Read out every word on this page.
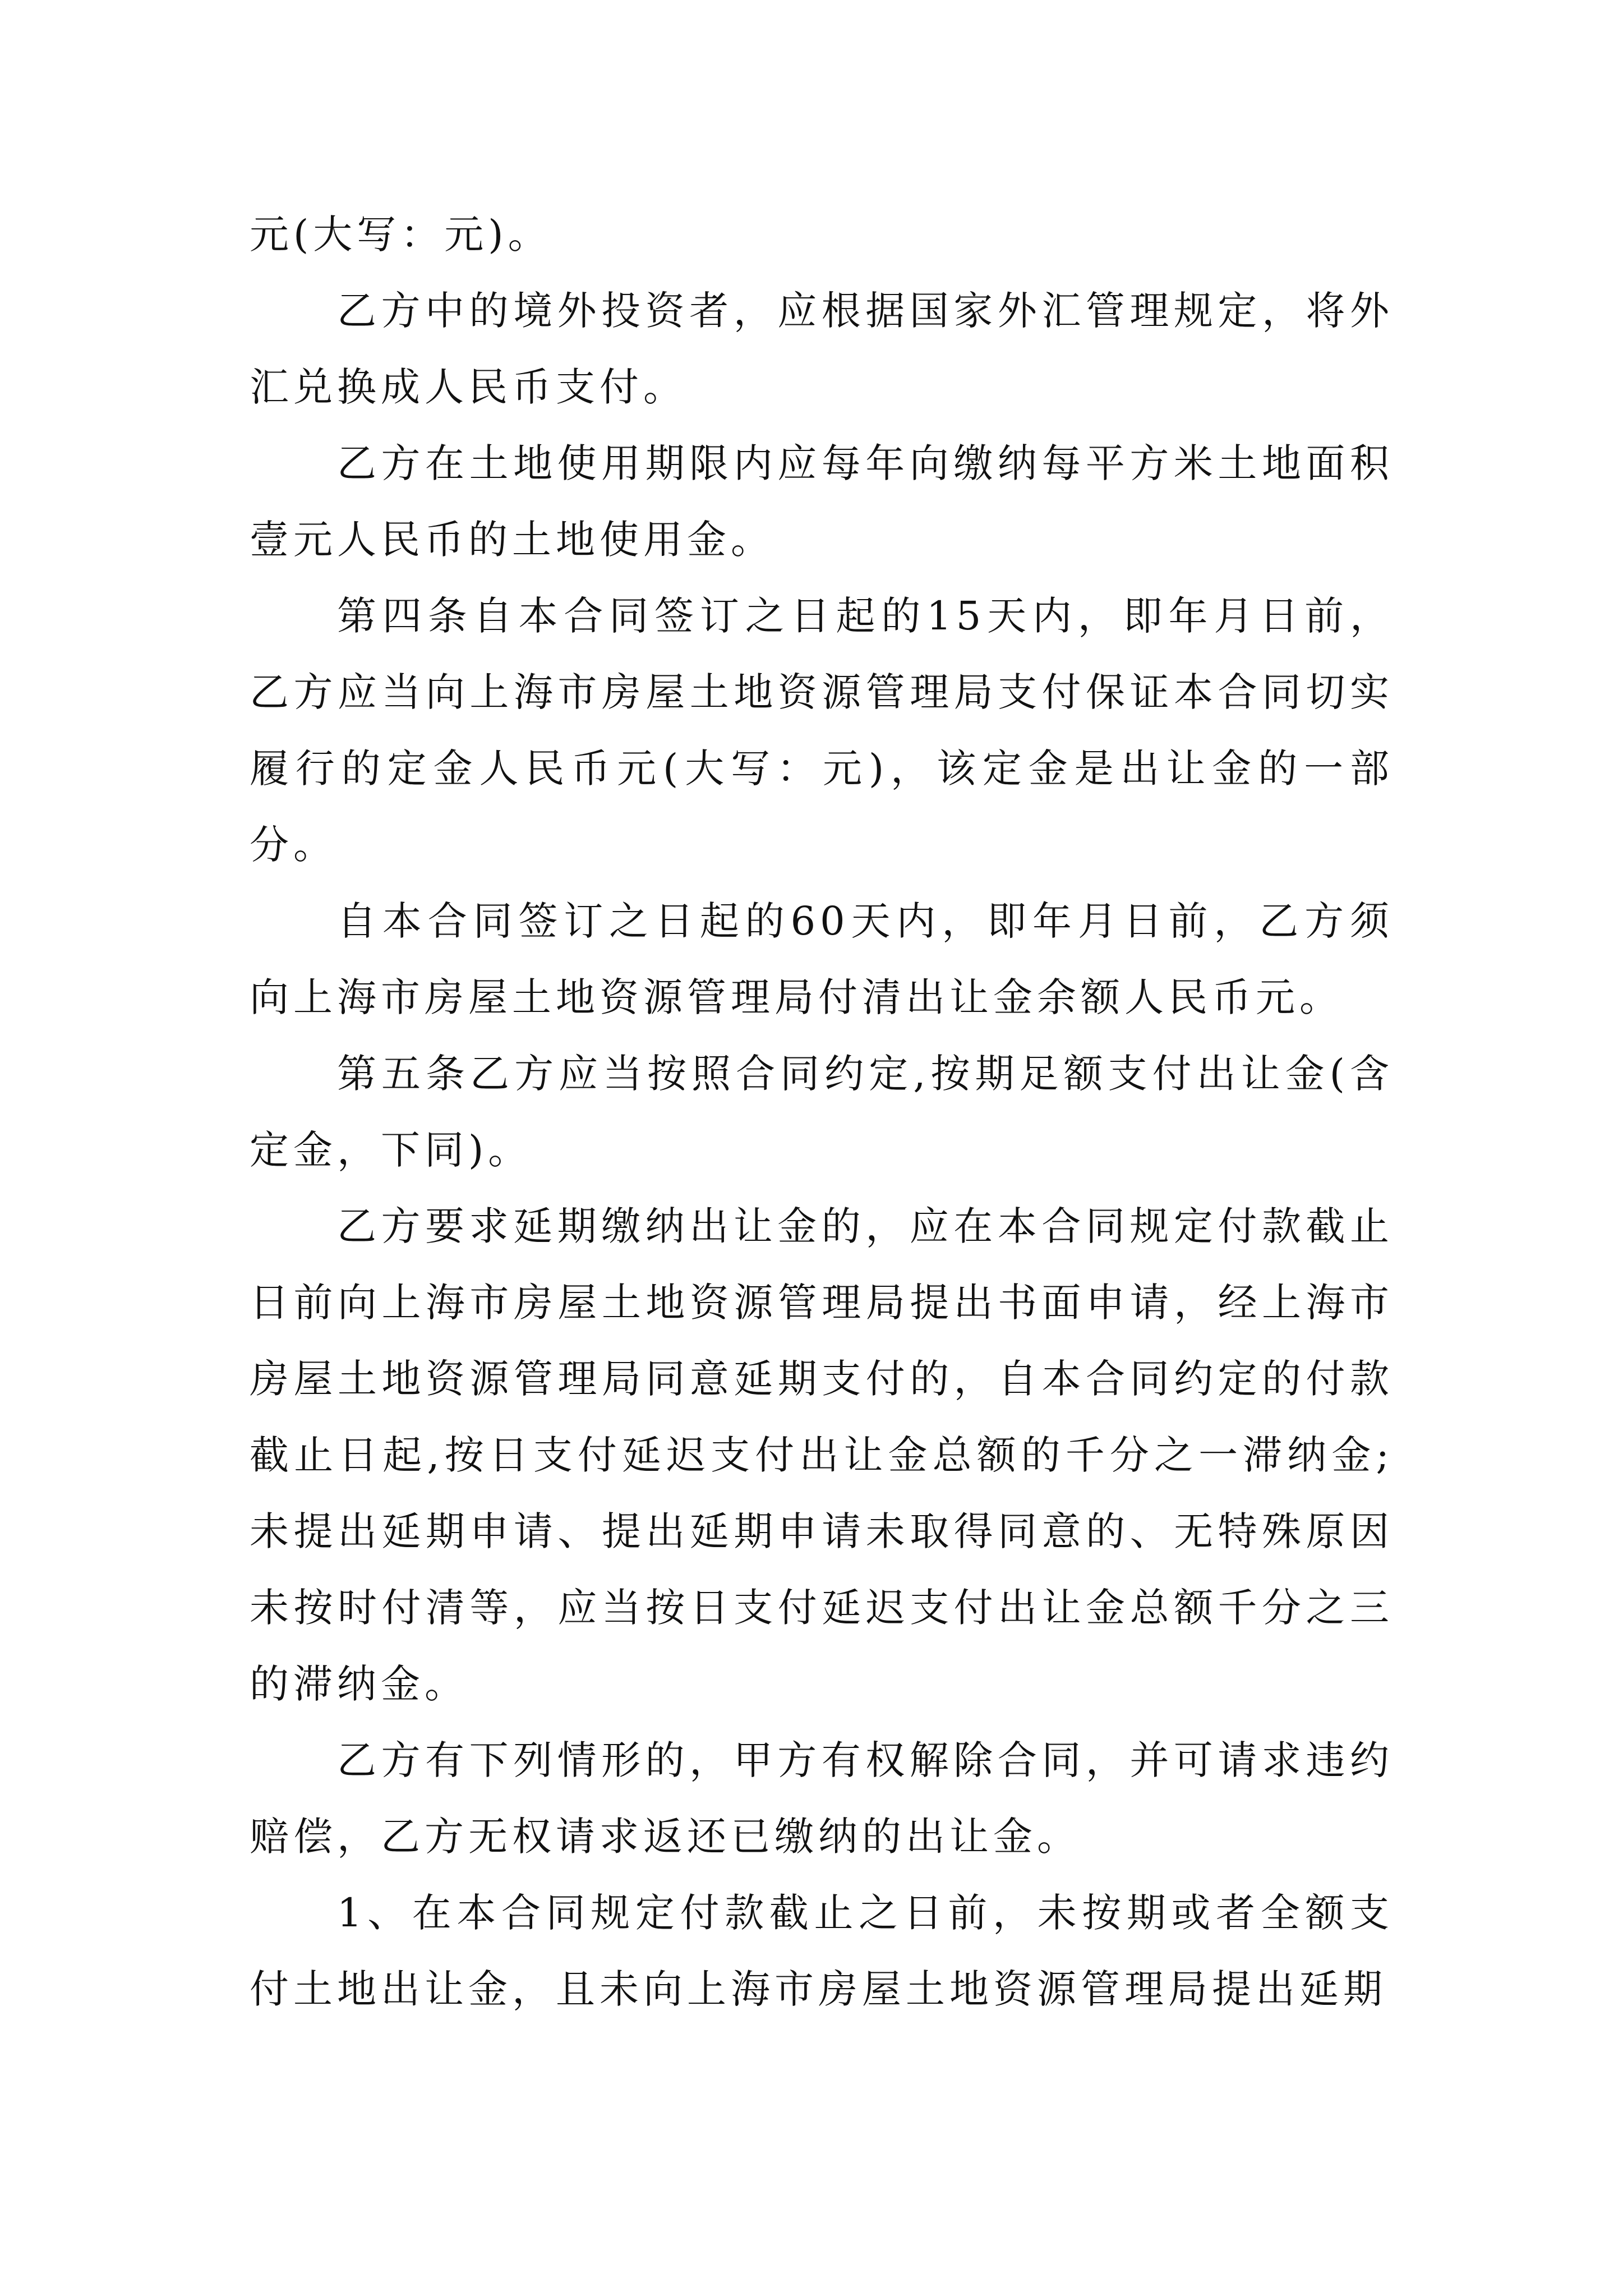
元(大写：元)。

乙方中的境外投资者，应根据国家外汇管理规定，将外汇兑换成人民币支付。

乙方在土地使用期限内应每年向缴纳每平方米土地面积壹元人民币的土地使用金。

第四条自本合同签订之日起的15天内，即年月日前，乙方应当向上海市房屋土地资源管理局支付保证本合同切实履行的定金人民币元(大写：元)，该定金是出让金的一部分。

自本合同签订之日起的60天内，即年月日前，乙方须向上海市房屋土地资源管理局付清出让金余额人民币元。

第五条乙方应当按照合同约定,按期足额支付出让金(含定金，下同)。

乙方要求延期缴纳出让金的，应在本合同规定付款截止日前向上海市房屋土地资源管理局提出书面申请，经上海市房屋土地资源管理局同意延期支付的，自本合同约定的付款截止日起,按日支付延迟支付出让金总额的千分之一滞纳金;未提出延期申请、提出延期申请未取得同意的、无特殊原因未按时付清等，应当按日支付延迟支付出让金总额千分之三的滞纳金。

乙方有下列情形的，甲方有权解除合同，并可请求违约赔偿，乙方无权请求返还已缴纳的出让金。

1、在本合同规定付款截止之日前，未按期或者全额支付土地出让金，且未向上海市房屋土地资源管理局提出延期
